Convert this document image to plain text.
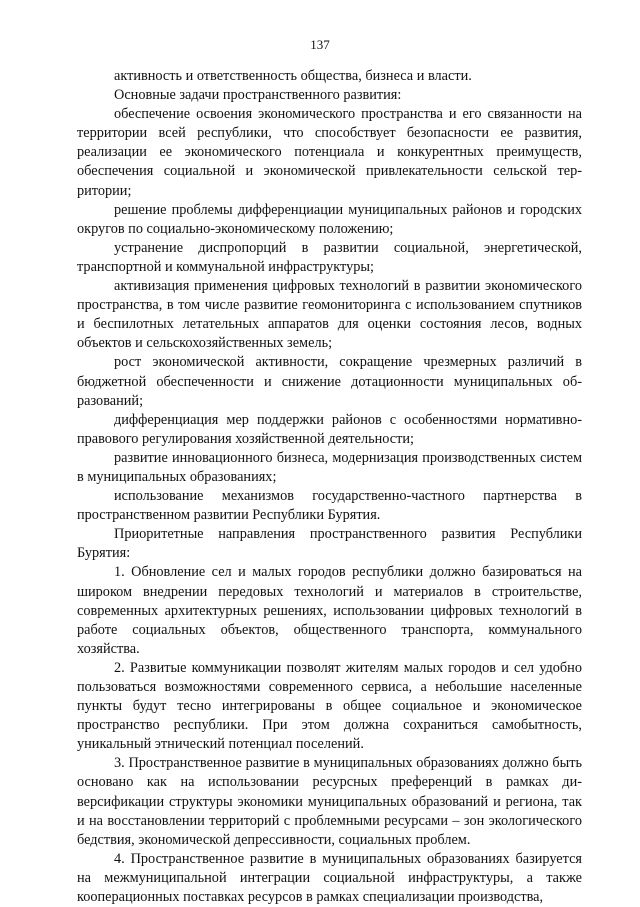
137

активность и ответственность общества, бизнеса и власти.

Основные задачи пространственного развития:

обеспечение освоения экономического пространства и его связанности на территории всей республики, что способствует безопасности ее развития, реализации ее экономического потенциала и конкурентных преимуществ, обеспечения социальной и экономической привлекательности сельской территории;

решение проблемы дифференциации муниципальных районов и городских округов по социально-экономическому положению;

устранение диспропорций в развитии социальной, энергетической, транспортной и коммунальной инфраструктуры;

активизация применения цифровых технологий в развитии экономического пространства, в том числе развитие геомониторинга с использованием спутников и беспилотных летательных аппаратов для оценки состояния лесов, водных объектов и сельскохозяйственных земель;

рост экономической активности, сокращение чрезмерных различий в бюджетной обеспеченности и снижение дотационности муниципальных образований;

дифференциация мер поддержки районов с особенностями нормативно-правового регулирования хозяйственной деятельности;

развитие инновационного бизнеса, модернизация производственных систем в муниципальных образованиях;

использование механизмов государственно-частного партнерства в пространственном развитии Республики Бурятия.

Приоритетные направления пространственного развития Республики Бурятия:

1. Обновление сел и малых городов республики должно базироваться на широком внедрении передовых технологий и материалов в строительстве, современных архитектурных решениях, использовании цифровых технологий в работе социальных объектов, общественного транспорта, коммунального хозяйства.

2. Развитые коммуникации позволят жителям малых городов и сел удобно пользоваться возможностями современного сервиса, а небольшие населенные пункты будут тесно интегрированы в общее социальное и экономическое пространство республики. При этом должна сохраниться самобытность, уникальный этнический потенциал поселений.

3. Пространственное развитие в муниципальных образованиях должно быть основано как на использовании ресурсных преференций в рамках диверсификации структуры экономики муниципальных образований и региона, так и на восстановлении территорий с проблемными ресурсами – зон экологического бедствия, экономической депрессивности, социальных проблем.

4. Пространственное развитие в муниципальных образованиях базируется на межмуниципальной интеграции социальной инфраструктуры, а также кооперационных поставках ресурсов в рамках специализации производства,
